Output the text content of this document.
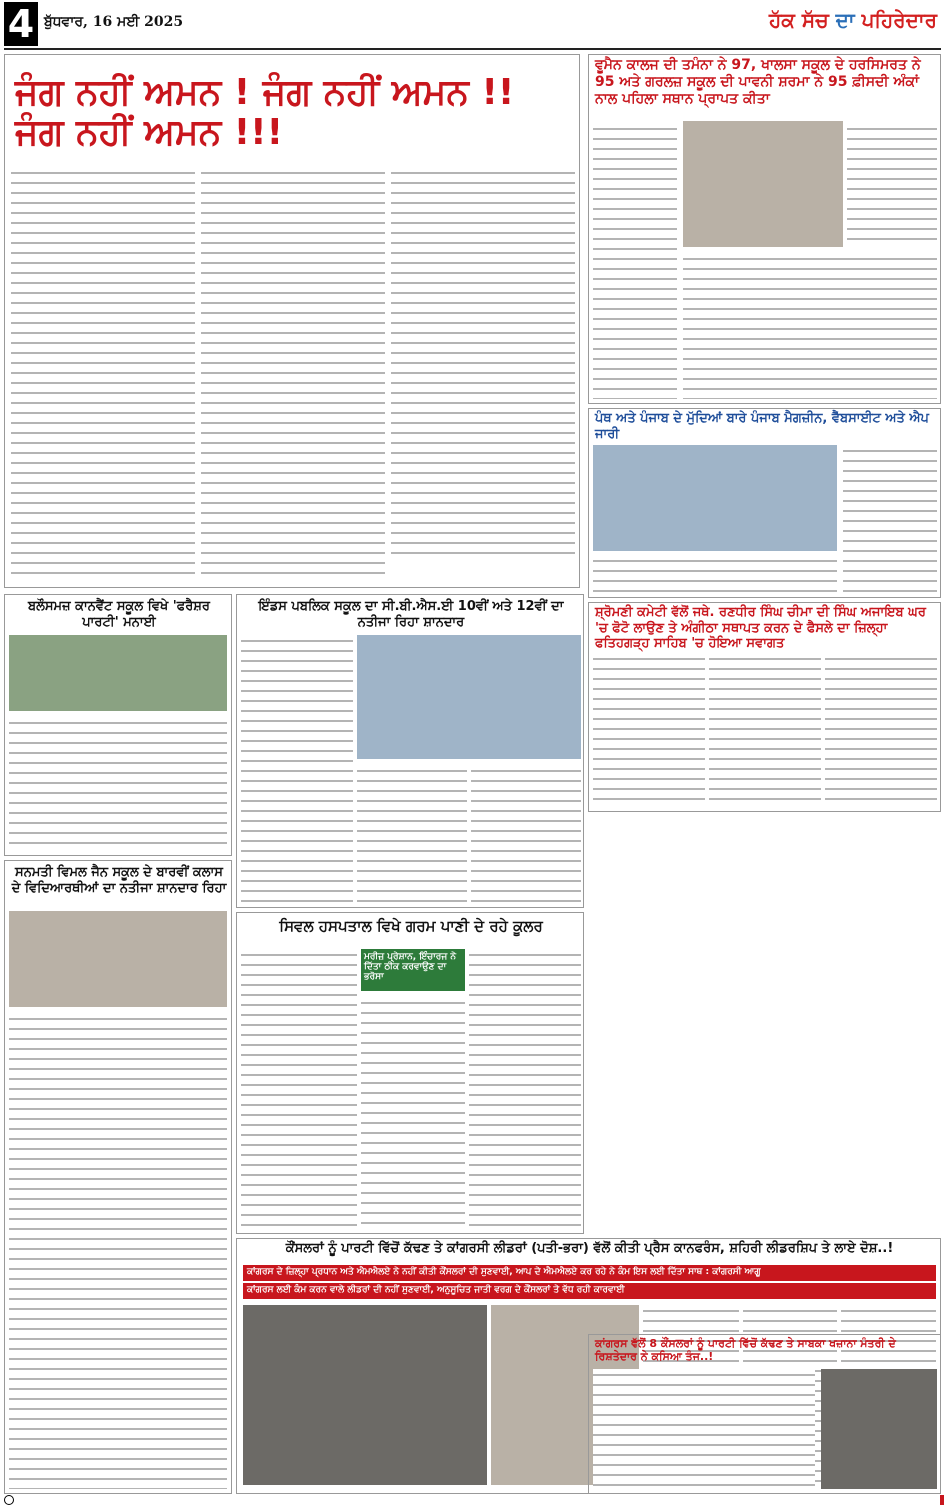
4 ਬੁੱਧਵਾਰ, 16 ਮਈ 2025	ਹੱਕ ਸੱਚ ਦਾ ਪਹਿਰੇਦਾਰ
ਜੰਗ ਨਹੀਂ ਅਮਨ ! ਜੰਗ ਨਹੀਂ ਅਮਨ !! ਜੰਗ ਨਹੀਂ ਅਮਨ !!!
ਵੂਮੈਨ ਕਾਲਜ ਦੀ ਤਮੰਨਾ ਨੇ 97, ਖਾਲਸਾ ਸਕੂਲ ਦੇ ਹਰਸਿਮਰਤ ਨੇ 95 ਅਤੇ ਗਰਲਜ਼ ਸਕੂਲ ਦੀ ਪਾਵਨੀ ਸ਼ਰਮਾ ਨੇ 95 ਫ਼ੀਸਦੀ ਅੰਕਾਂ ਨਾਲ ਪਹਿਲਾ ਸਥਾਨ ਪ੍ਰਾਪਤ ਕੀਤਾ
ਪੰਥ ਅਤੇ ਪੰਜਾਬ ਦੇ ਮੁੱਦਿਆਂ ਬਾਰੇ ਪੰਜਾਬ ਮੈਗਜ਼ੀਨ, ਵੈੱਬਸਾਈਟ ਅਤੇ ਐਪ ਜਾਰੀ
ਸ਼੍ਰੋਮਣੀ ਕਮੇਟੀ ਵੱਲੋਂ ਜਥੇ. ਰਣਧੀਰ ਸਿੰਘ ਚੀਮਾ ਦੀ ਸਿੰਘ ਅਜਾਇਬ ਘਰ 'ਚ ਫੋਟੋ ਲਾਉਣ ਤੇ ਅੰਗੀਠਾ ਸਥਾਪਤ ਕਰਨ ਦੇ ਫੈਸਲੇ ਦਾ ਜ਼ਿਲ੍ਹਾ ਫਤਿਹਗੜ੍ਹ ਸਾਹਿਬ 'ਚ ਹੋਇਆ ਸਵਾਗਤ
ਬਲੌਸਮਜ਼ ਕਾਨਵੈਂਟ ਸਕੂਲ ਵਿਖੇ 'ਫਰੈਸ਼ਰ ਪਾਰਟੀ' ਮਨਾਈ
ਸਨਮਤੀ ਵਿਮਲ ਜੈਨ ਸਕੂਲ ਦੇ ਬਾਰਵੀਂ ਕਲਾਸ ਦੇ ਵਿਦਿਆਰਥੀਆਂ ਦਾ ਨਤੀਜਾ ਸ਼ਾਨਦਾਰ ਰਿਹਾ
ਇੰਡਸ ਪਬਲਿਕ ਸਕੂਲ ਦਾ ਸੀ.ਬੀ.ਐਸ.ਈ 10ਵੀਂ ਅਤੇ 12ਵੀਂ ਦਾ ਨਤੀਜਾ ਰਿਹਾ ਸ਼ਾਨਦਾਰ
ਸਿਵਲ ਹਸਪਤਾਲ ਵਿਖੇ ਗਰਮ ਪਾਣੀ ਦੇ ਰਹੇ ਕੂਲਰ
ਮਰੀਜ਼ ਪ੍ਰੇਸ਼ਾਨ, ਇੰਚਾਰਜ ਨੇ ਦਿੱਤਾ ਠੀਕ ਕਰਵਾਉਣ ਦਾ ਭਰੋਸਾ
ਕੌਂਸਲਰਾਂ ਨੂੰ ਪਾਰਟੀ ਵਿੱਚੋਂ ਕੱਢਣ ਤੇ ਕਾਂਗਰਸੀ ਲੀਡਰਾਂ (ਪਤੀ-ਭਰਾ) ਵੱਲੋਂ ਕੀਤੀ ਪ੍ਰੈਸ ਕਾਨਫਰੰਸ, ਸ਼ਹਿਰੀ ਲੀਡਰਸ਼ਿਪ ਤੇ ਲਾਏ ਦੋਸ਼..!
ਕਾਂਗਰਸ ਦੇ ਜ਼ਿਲ੍ਹਾ ਪ੍ਰਧਾਨ ਅਤੇ ਐਮਐਲਏ ਨੇ ਨਹੀਂ ਕੀਤੀ ਕੌਂਸਲਰਾਂ ਦੀ ਸੁਣਵਾਈ, ਆਪ ਦੇ ਐਮਐਲਏ ਕਰ ਰਹੇ ਨੇ ਕੰਮ ਇਸ ਲਈ ਦਿੱਤਾ ਸਾਥ : ਕਾਂਗਰਸੀ ਆਗੂ
ਕਾਂਗਰਸ ਲਈ ਕੰਮ ਕਰਨ ਵਾਲੇ ਲੀਡਰਾਂ ਦੀ ਨਹੀਂ ਸੁਣਵਾਈ, ਅਨੁਸੂਚਿਤ ਜਾਤੀ ਵਰਗ ਦੇ ਕੌਂਸਲਰਾਂ ਤੇ ਵੱਧ ਰਹੀ ਕਾਰਵਾਈ
ਕਾਂਗਰਸ ਵੱਲੋਂ 8 ਕੌਂਸਲਰਾਂ ਨੂੰ ਪਾਰਟੀ ਵਿੱਚੋਂ ਕੱਢਣ ਤੇ ਸਾਬਕਾ ਖਜ਼ਾਨਾ ਮੰਤਰੀ ਦੇ ਰਿਸ਼ਤੇਦਾਰ ਨੇ ਕਸਿਆ ਤੰਜ..!
